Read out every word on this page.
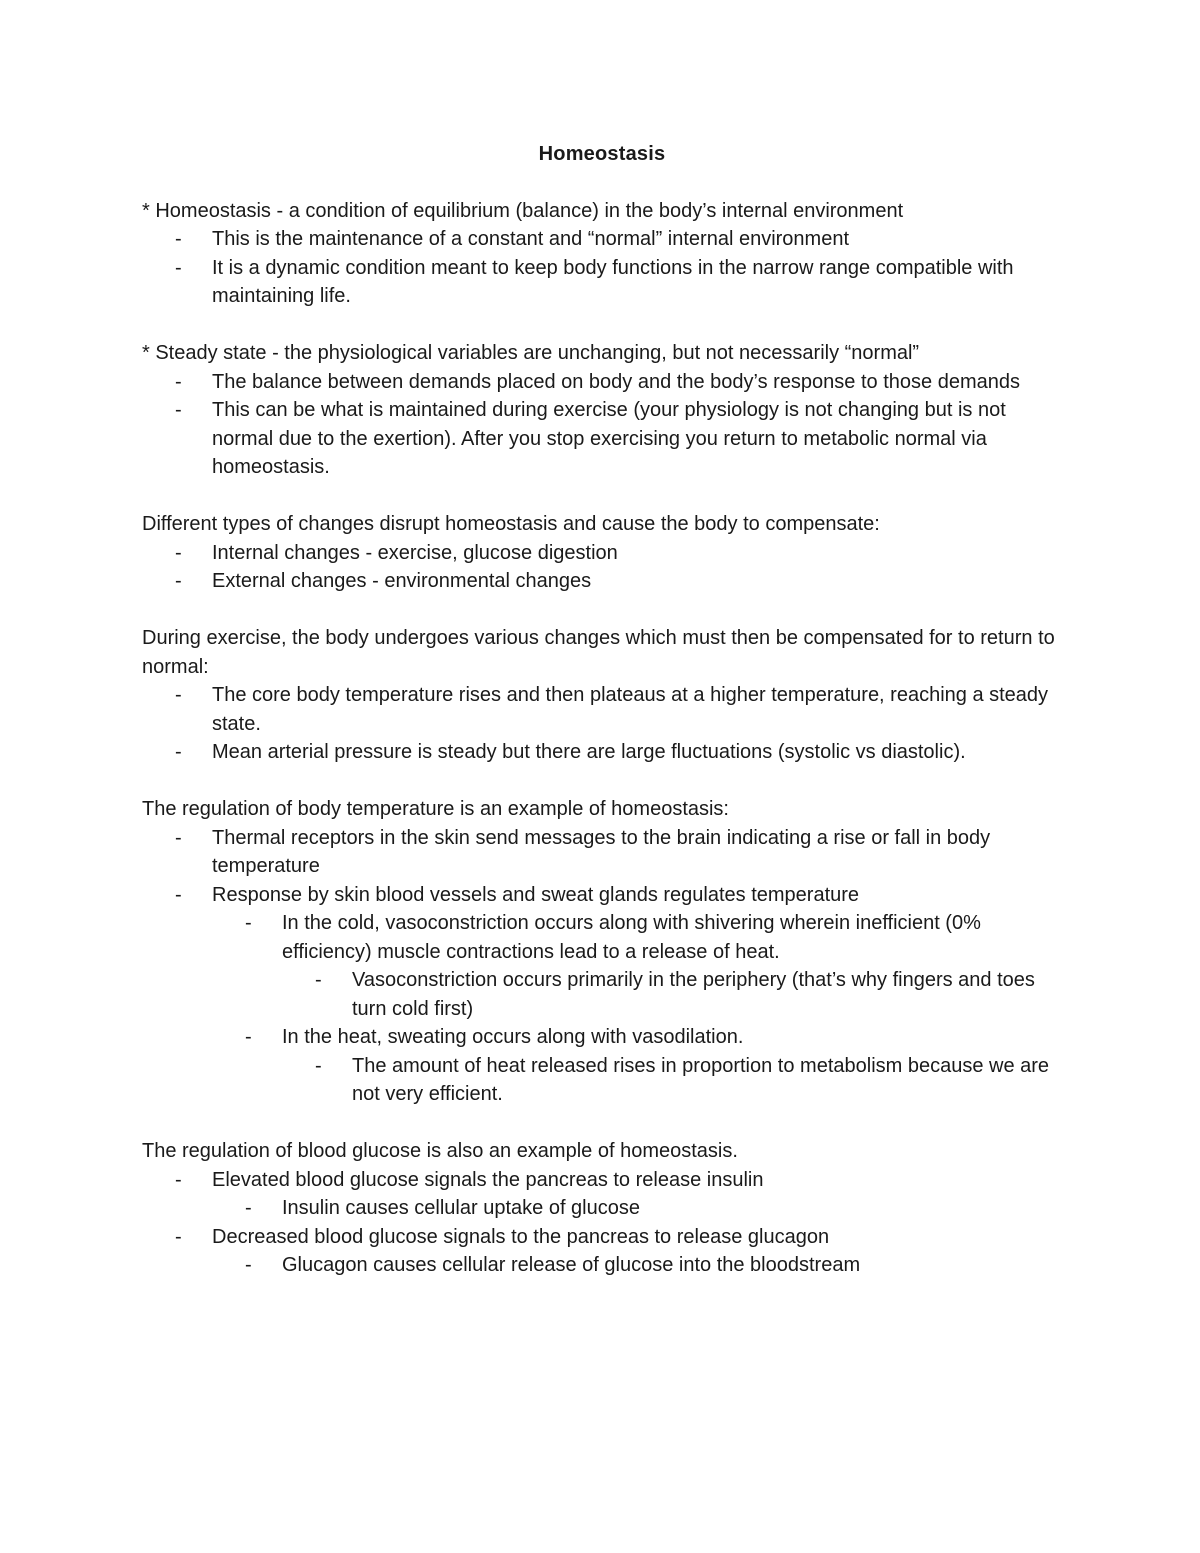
Homeostasis

* Homeostasis - a condition of equilibrium (balance) in the body’s internal environment

- This is the maintenance of a constant and “normal” internal environment
- It is a dynamic condition meant to keep body functions in the narrow range compatible with maintaining life.

* Steady state - the physiological variables are unchanging, but not necessarily “normal”

- The balance between demands placed on body and the body’s response to those demands
- This can be what is maintained during exercise (your physiology is not changing but is not normal due to the exertion). After you stop exercising you return to metabolic normal via homeostasis.

Different types of changes disrupt homeostasis and cause the body to compensate:

- Internal changes - exercise, glucose digestion
- External changes - environmental changes

During exercise, the body undergoes various changes which must then be compensated for to return to normal:

- The core body temperature rises and then plateaus at a higher temperature, reaching a steady state.
- Mean arterial pressure is steady but there are large fluctuations (systolic vs diastolic).

The regulation of body temperature is an example of homeostasis:

- Thermal receptors in the skin send messages to the brain indicating a rise or fall in body temperature
- Response by skin blood vessels and sweat glands regulates temperature
- In the cold, vasoconstriction occurs along with shivering wherein inefficient (0% efficiency) muscle contractions lead to a release of heat.
- Vasoconstriction occurs primarily in the periphery (that’s why fingers and toes turn cold first)
- In the heat, sweating occurs along with vasodilation.
- The amount of heat released rises in proportion to metabolism because we are not very efficient.

The regulation of blood glucose is also an example of homeostasis.

- Elevated blood glucose signals the pancreas to release insulin
- Insulin causes cellular uptake of glucose
- Decreased blood glucose signals to the pancreas to release glucagon
- Glucagon causes cellular release of glucose into the bloodstream
